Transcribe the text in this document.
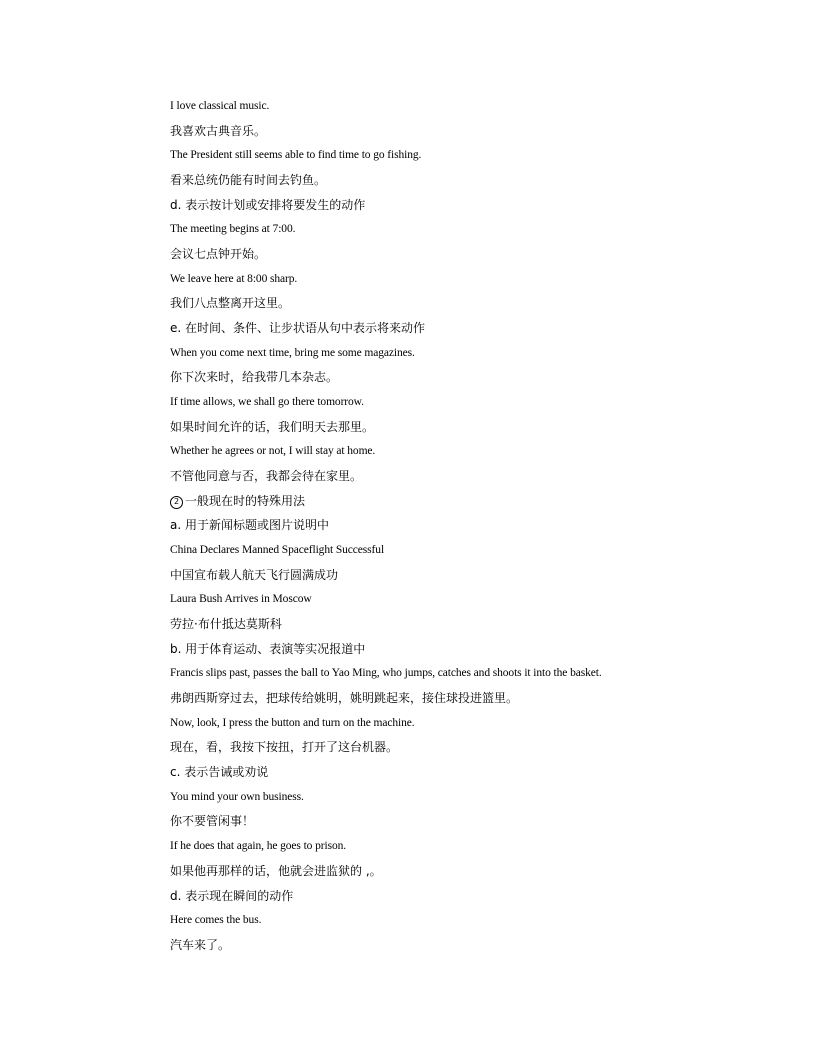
I love classical music.
我喜欢古典音乐。
The President still seems able to find time to go fishing.
看来总统仍能有时间去钓鱼。
d. 表示按计划或安排将要发生的动作
The meeting begins at 7:00.
会议七点钟开始。
We leave here at 8:00 sharp.
我们八点整离开这里。
e. 在时间、条件、让步状语从句中表示将来动作
When you come next time, bring me some magazines.
你下次来时，给我带几本杂志。
If time allows, we shall go there tomorrow.
如果时间允许的话，我们明天去那里。
Whether he agrees or not, I will stay at home.
不管他同意与否，我都会待在家里。
2 一般现在时的特殊用法
a. 用于新闻标题或图片说明中
China Declares Manned Spaceflight Successful
中国宣布载人航天飞行圆满成功
Laura Bush Arrives in Moscow
劳拉·布什抵达莫斯科
b. 用于体育运动、表演等实况报道中
Francis slips past, passes the ball to Yao Ming, who jumps, catches and shoots it into the basket.
弗朗西斯穿过去，把球传给姚明，姚明跳起来，接住球投进篮里。
Now, look, I press the button and turn on the machine.
现在，看，我按下按扭，打开了这台机器。
c. 表示告诫或劝说
You mind your own business.
你不要管闲事！
If he does that again, he goes to prison.
如果他再那样的话，他就会进监狱的 ,。
d. 表示现在瞬间的动作
Here comes the bus.
汽车来了。
